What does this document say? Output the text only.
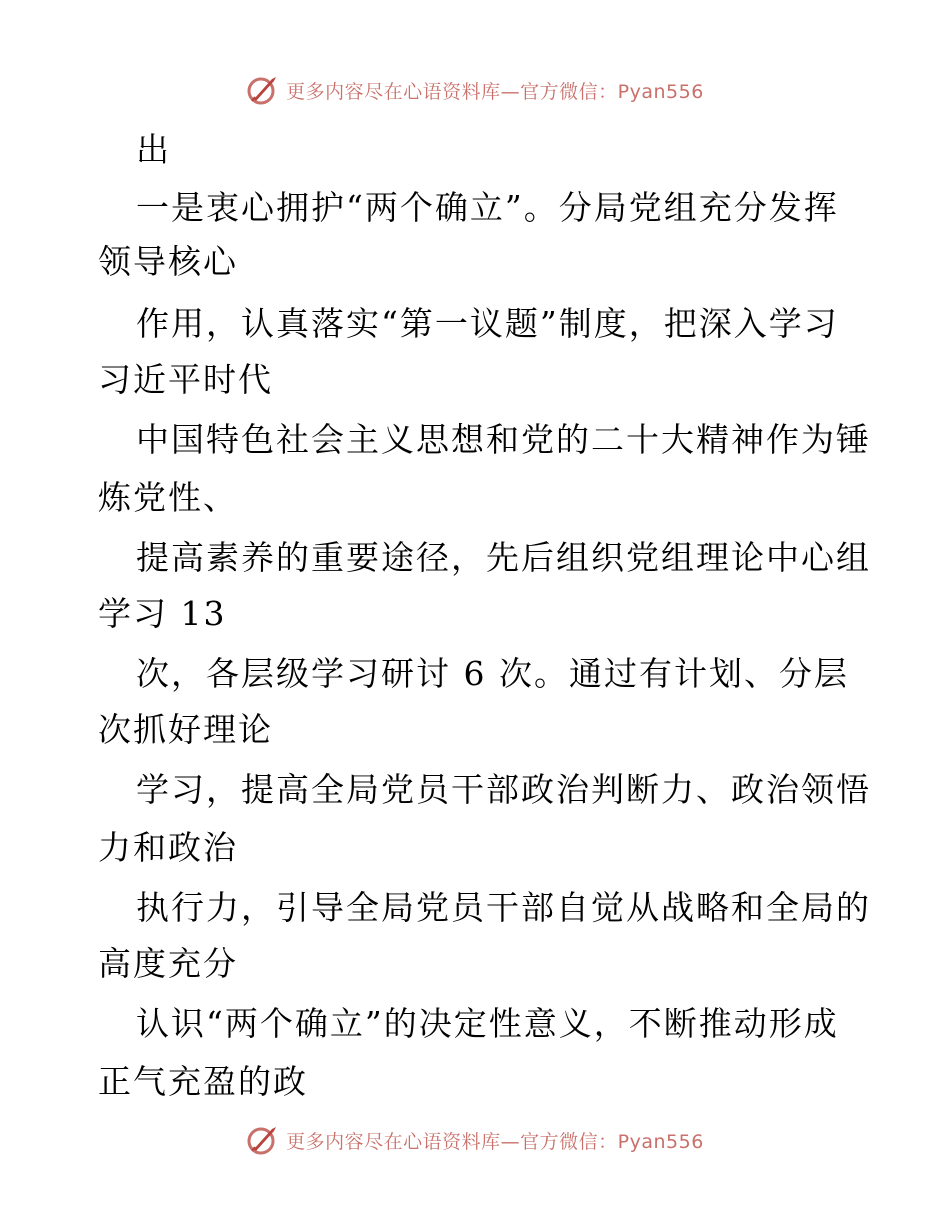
更多内容尽在心语资料库—官方微信：Pyan556
出
一是衷心拥护“两个确立”。分局党组充分发挥
领导核心
作用，认真落实“第一议题”制度，把深入学习
习近平时代
中国特色社会主义思想和党的二十大精神作为锤
炼党性、
提高素养的重要途径，先后组织党组理论中心组
学习 13
次，各层级学习研讨 6 次。通过有计划、分层
次抓好理论
学习，提高全局党员干部政治判断力、政治领悟
力和政治
执行力，引导全局党员干部自觉从战略和全局的
高度充分
认识“两个确立”的决定性意义，不断推动形成
正气充盈的政
更多内容尽在心语资料库—官方微信：Pyan556
